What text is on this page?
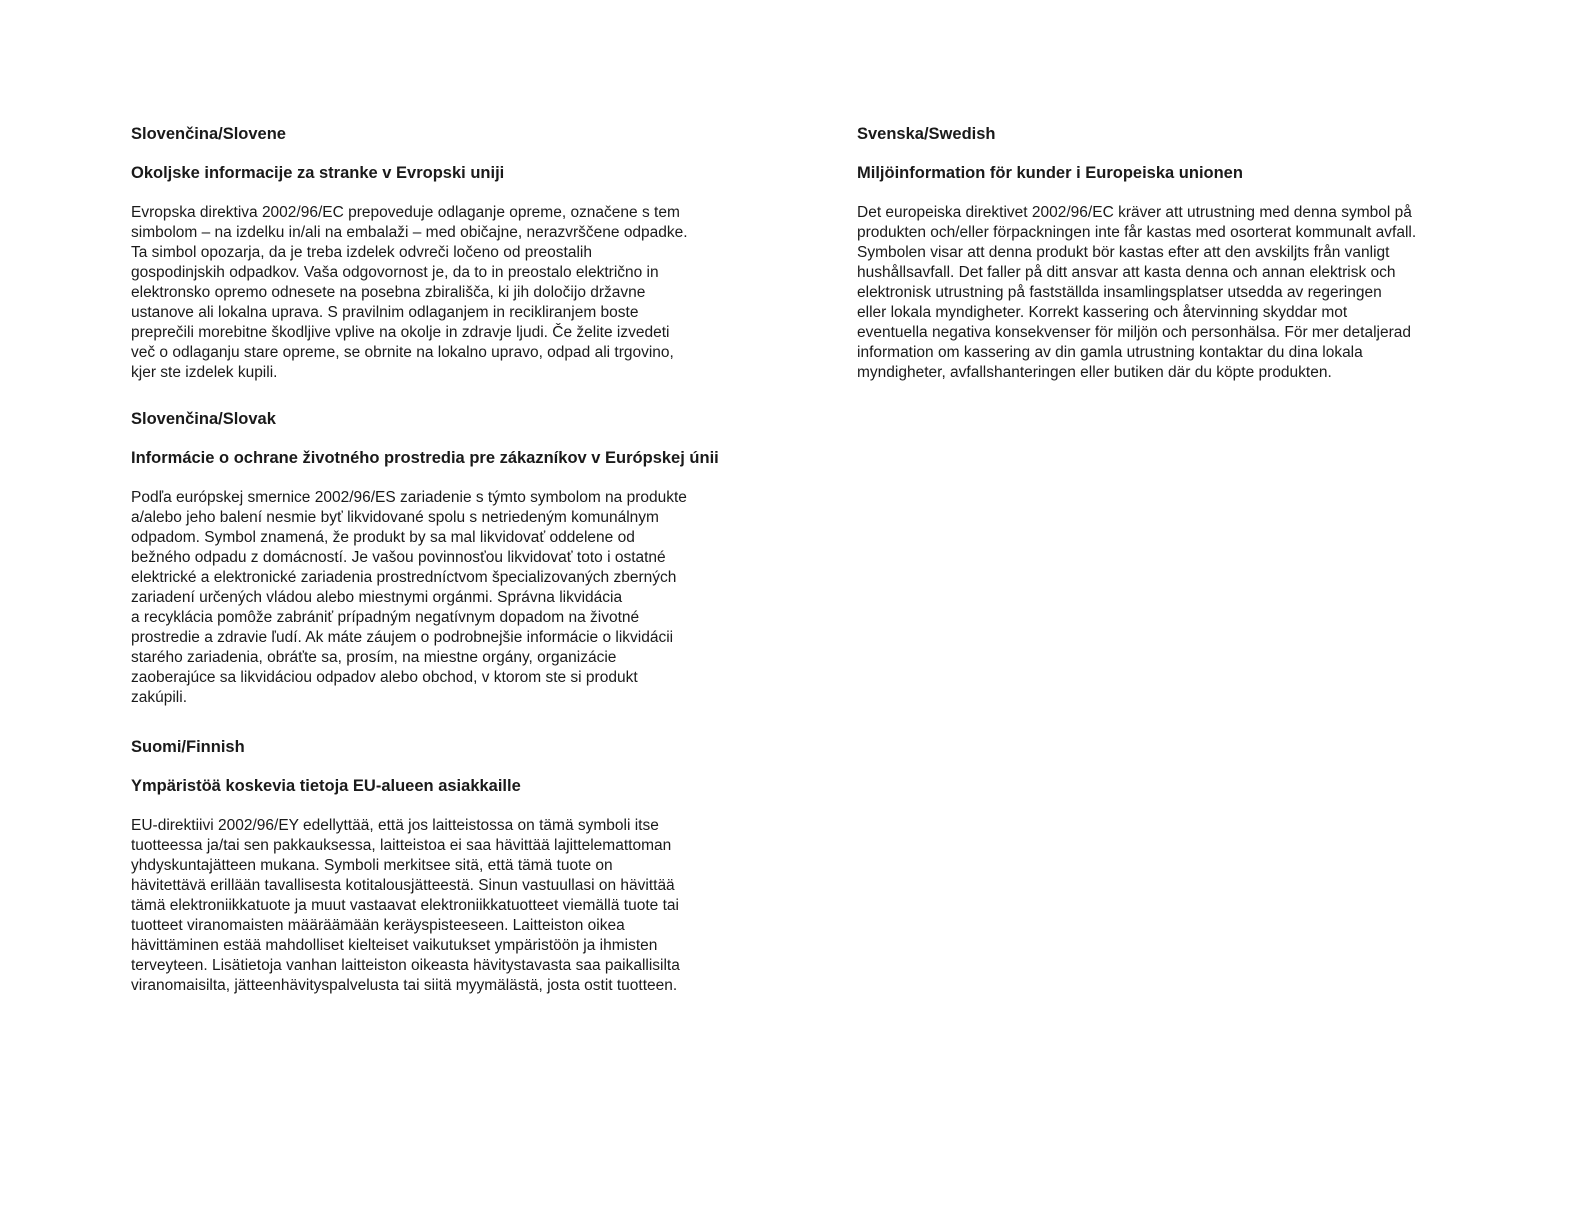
Slovenčina/Slovene
Okoljske informacije za stranke v Evropski uniji

Evropska direktiva 2002/96/EC prepoveduje odlaganje opreme, označene s tem
simbolom – na izdelku in/ali na embalaži – med običajne, nerazvrščene odpadke.
Ta simbol opozarja, da je treba izdelek odvreči ločeno od preostalih
gospodinjskih odpadkov. Vaša odgovornost je, da to in preostalo električno in
elektronsko opremo odnesete na posebna zbirališča, ki jih določijo državne
ustanove ali lokalna uprava. S pravilnim odlaganjem in recikliranjem boste
preprečili morebitne škodljive vplive na okolje in zdravje ljudi. Če želite izvedeti
več o odlaganju stare opreme, se obrnite na lokalno upravo, odpad ali trgovino,
kjer ste izdelek kupili.

Slovenčina/Slovak
Informácie o ochrane životného prostredia pre zákazníkov v Európskej únii

Podľa európskej smernice 2002/96/ES zariadenie s týmto symbolom na produkte
a/alebo jeho balení nesmie byť likvidované spolu s netriedeným komunálnym
odpadom. Symbol znamená, že produkt by sa mal likvidovať oddelene od
bežného odpadu z domácností. Je vašou povinnosťou likvidovať toto i ostatné
elektrické a elektronické zariadenia prostredníctvom špecializovaných zberných
zariadení určených vládou alebo miestnymi orgánmi. Správna likvidácia
a recyklácia pomôže zabrániť prípadným negatívnym dopadom na životné
prostredie a zdravie ľudí. Ak máte záujem o podrobnejšie informácie o likvidácii
starého zariadenia, obráťte sa, prosím, na miestne orgány, organizácie
zaoberajúce sa likvidáciou odpadov alebo obchod, v ktorom ste si produkt
zakúpili.

Suomi/Finnish
Ympäristöä koskevia tietoja EU-alueen asiakkaille

EU-direktiivi 2002/96/EY edellyttää, että jos laitteistossa on tämä symboli itse
tuotteessa ja/tai sen pakkauksessa, laitteistoa ei saa hävittää lajittelemattoman
yhdyskuntajätteen mukana. Symboli merkitsee sitä, että tämä tuote on
hävitettävä erillään tavallisesta kotitalousjätteestä. Sinun vastuullasi on hävittää
tämä elektroniikkatuote ja muut vastaavat elektroniikkatuotteet viemällä tuote tai
tuotteet viranomaisten määräämään keräyspisteeseen. Laitteiston oikea
hävittäminen estää mahdolliset kielteiset vaikutukset ympäristöön ja ihmisten
terveyteen. Lisätietoja vanhan laitteiston oikeasta hävitystavasta saa paikallisilta
viranomaisilta, jätteenhävityspalvelusta tai siitä myymälästä, josta ostit tuotteen.

Svenska/Swedish
Miljöinformation för kunder i Europeiska unionen

Det europeiska direktivet 2002/96/EC kräver att utrustning med denna symbol på
produkten och/eller förpackningen inte får kastas med osorterat kommunalt avfall.
Symbolen visar att denna produkt bör kastas efter att den avskiljts från vanligt
hushållsavfall. Det faller på ditt ansvar att kasta denna och annan elektrisk och
elektronisk utrustning på fastställda insamlingsplatser utsedda av regeringen
eller lokala myndigheter. Korrekt kassering och återvinning skyddar mot
eventuella negativa konsekvenser för miljön och personhälsa. För mer detaljerad
information om kassering av din gamla utrustning kontaktar du dina lokala
myndigheter, avfallshanteringen eller butiken där du köpte produkten.
